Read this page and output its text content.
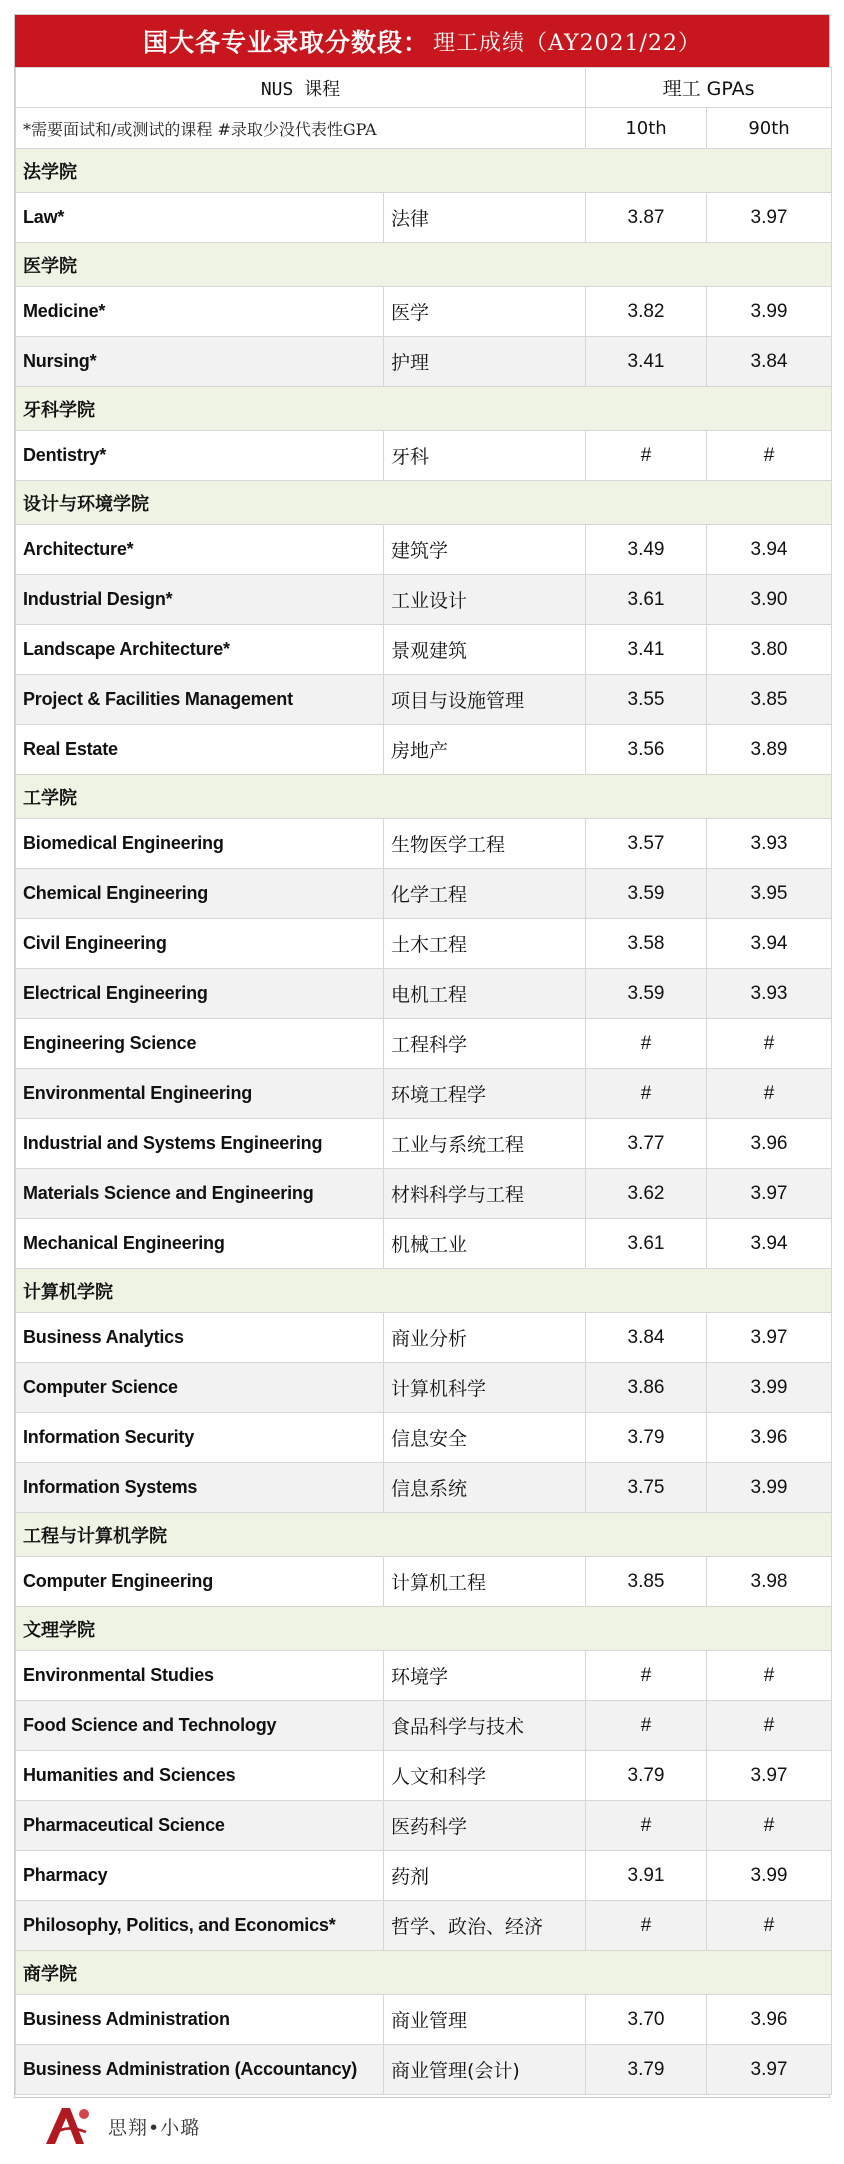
国大各专业录取分数段： 理工成绩（AY2021/22）
NUS 课程		理工 GPAs	
*需要面试和/或测试的课程 #录取少没代表性GPA		10th	90th
法学院			
Law*	法律	3.87	3.97
医学院			
Medicine*	医学	3.82	3.99
Nursing*	护理	3.41	3.84
牙科学院			
Dentistry*	牙科	#	#
设计与环境学院			
Architecture*	建筑学	3.49	3.94
Industrial Design*	工业设计	3.61	3.90
Landscape Architecture*	景观建筑	3.41	3.80
Project & Facilities Management	项目与设施管理	3.55	3.85
Real Estate	房地产	3.56	3.89
工学院			
Biomedical Engineering	生物医学工程	3.57	3.93
Chemical Engineering	化学工程	3.59	3.95
Civil Engineering	土木工程	3.58	3.94
Electrical Engineering	电机工程	3.59	3.93
Engineering Science	工程科学	#	#
Environmental Engineering	环境工程学	#	#
Industrial and Systems Engineering	工业与系统工程	3.77	3.96
Materials Science and Engineering	材料科学与工程	3.62	3.97
Mechanical Engineering	机械工业	3.61	3.94
计算机学院			
Business Analytics	商业分析	3.84	3.97
Computer Science	计算机科学	3.86	3.99
Information Security	信息安全	3.79	3.96
Information Systems	信息系统	3.75	3.99
工程与计算机学院			
Computer Engineering	计算机工程	3.85	3.98
文理学院			
Environmental Studies	环境学	#	#
Food Science and Technology	食品科学与技术	#	#
Humanities and Sciences	人文和科学	3.79	3.97
Pharmaceutical Science	医药科学	#	#
Pharmacy	药剂	3.91	3.99
Philosophy, Politics, and Economics*	哲学、政治、经济	#	#
商学院			
Business Administration	商业管理	3.70	3.96
Business Administration (Accountancy)	商业管理(会计)	3.79	3.97
思翔•小璐
